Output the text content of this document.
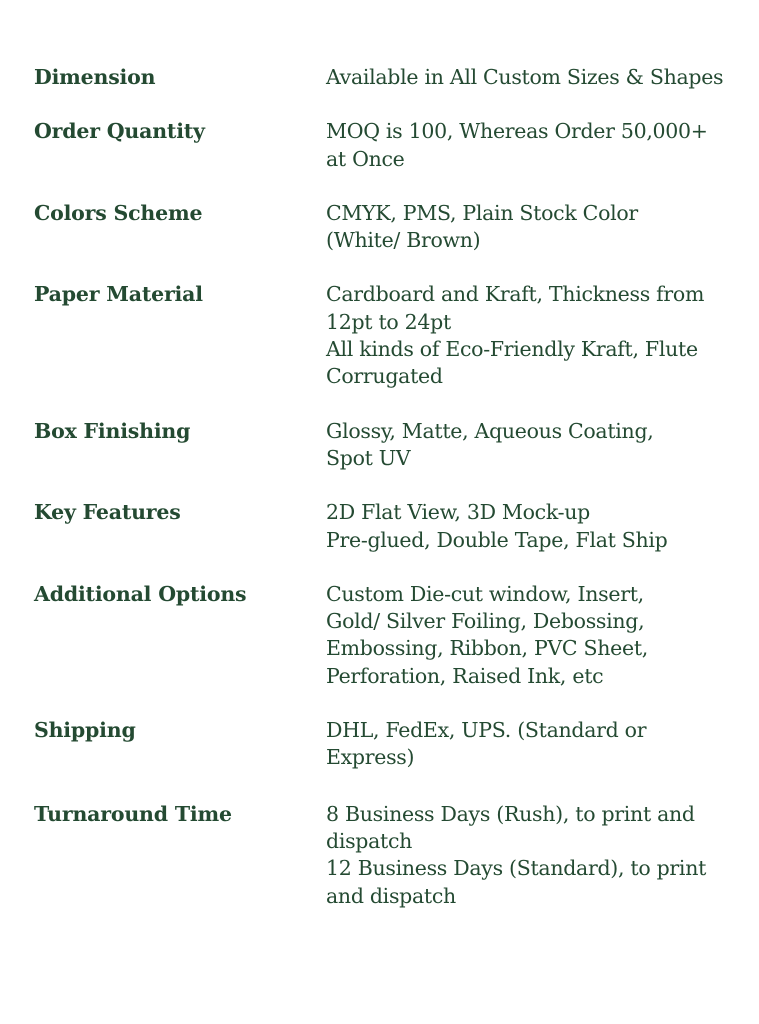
Dimension	Available in All Custom Sizes & Shapes
Order Quantity	MOQ is 100, Whereas Order 50,000+
at Once
Colors Scheme	CMYK, PMS, Plain Stock Color
(White/ Brown)
Paper Material	Cardboard and Kraft, Thickness from
12pt to 24pt
All kinds of Eco-Friendly Kraft, Flute
Corrugated
Box Finishing	Glossy, Matte, Aqueous Coating,
Spot UV
Key Features	2D Flat View, 3D Mock-up
Pre-glued, Double Tape, Flat Ship
Additional Options	Custom Die-cut window, Insert,
Gold/ Silver Foiling, Debossing,
Embossing, Ribbon, PVC Sheet,
Perforation, Raised Ink, etc
Shipping	DHL, FedEx, UPS. (Standard or
Express)
Turnaround Time	8 Business Days (Rush), to print and
dispatch
12 Business Days (Standard), to print
and dispatch
